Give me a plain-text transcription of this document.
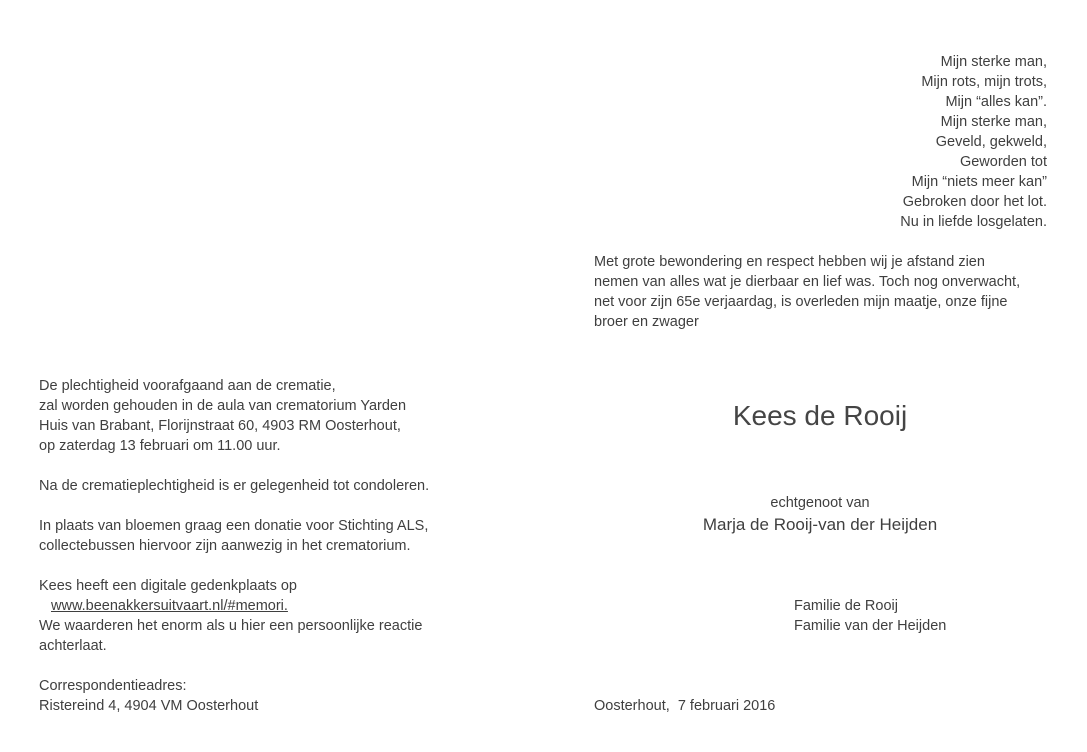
Mijn sterke man,
Mijn rots, mijn trots,
Mijn “alles kan”.
Mijn sterke man,
Geveld, gekweld,
Geworden tot
Mijn “niets meer kan”
Gebroken door het lot.
Nu in liefde losgelaten.
Met grote bewondering en respect hebben wij je afstand zien
nemen van alles wat je dierbaar en lief was. Toch nog onverwacht,
net voor zijn 65e verjaardag, is overleden mijn maatje, onze fijne
broer en zwager
Kees de Rooij
echtgenoot van
Marja de Rooij-van der Heijden
Familie de Rooij
Familie van der Heijden
Oosterhout,  7 februari 2016
De plechtigheid voorafgaand aan de crematie,
zal worden gehouden in de aula van crematorium Yarden
Huis van Brabant, Florijnstraat 60, 4903 RM Oosterhout,
op zaterdag 13 februari om 11.00 uur.
Na de crematieplechtigheid is er gelegenheid tot condoleren.
In plaats van bloemen graag een donatie voor Stichting ALS,
collectebussen hiervoor zijn aanwezig in het crematorium.
Kees heeft een digitale gedenkplaats op
www.beenakkersuitvaart.nl/#memori.
We waarderen het enorm als u hier een persoonlijke reactie
achterlaat.
Correspondentieadres:
Ristereind 4, 4904 VM Oosterhout
